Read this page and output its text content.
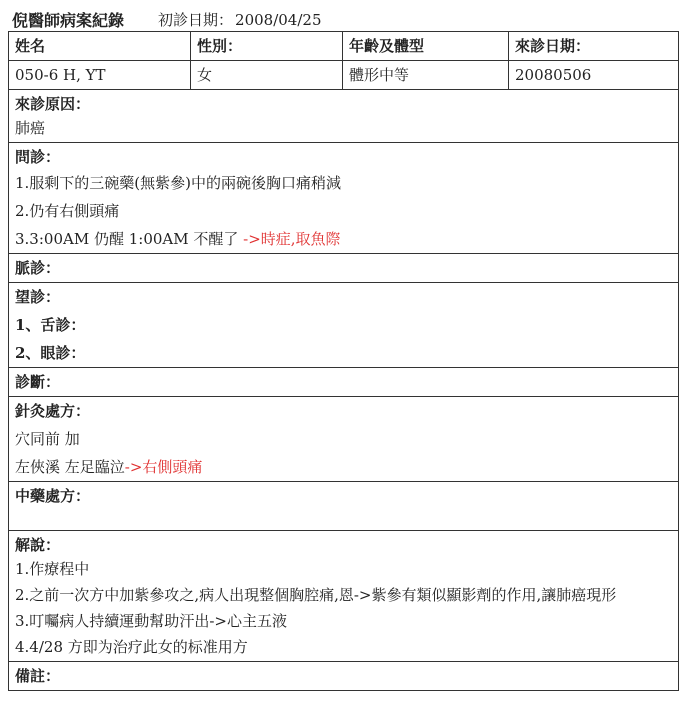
倪醫師病案紀錄 初診日期： 2008/04/25
姓名	性別：	年齡及體型	來診日期：
050-6 H, YT	女	體形中等	20080506

來診原因：
肺癌			

問診：
1.服剩下的三碗藥(無紫參)中的兩碗後胸口痛稍減
2.仍有右側頭痛
3.3:00AM 仍醒 1:00AM 不醒了 ->時症,取魚際			

脈診：			

望診：
1、舌診：
2、眼診：			

診斷：			

針灸處方：
穴同前 加
左俠溪 左足臨泣->右側頭痛			

中藥處方：			

解說：
1.作療程中
2.之前一次方中加紫參攻之,病人出現整個胸腔痛,恩->紫參有類似顯影劑的作用,讓肺癌現形
3.叮囑病人持續運動幫助汗出->心主五液
4.4/28 方即为治疗此女的标准用方			

備註：			
